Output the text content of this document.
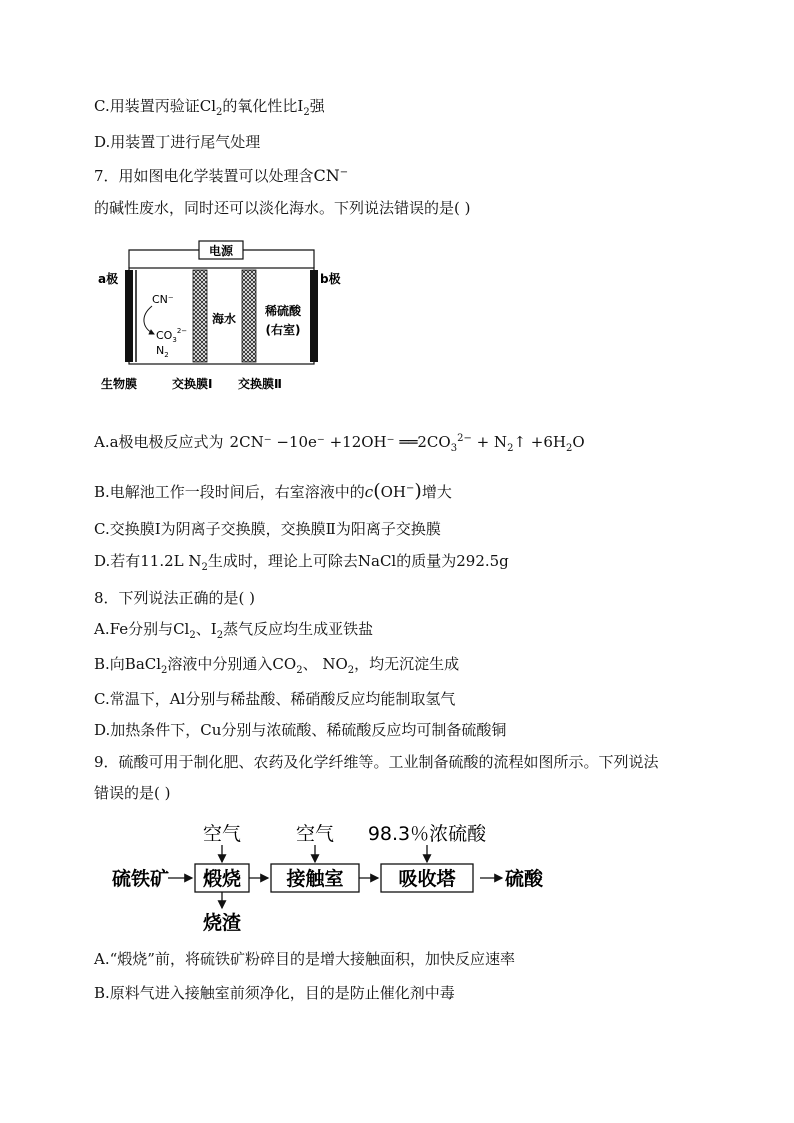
C.用装置丙验证$Cl_2$的氧化性比$I_2$强
D.用装置丁进行尾气处理
7．用如图电化学装置可以处理含CN−
的碱性废水，同时还可以淡化海水。下列说法错误的是( )
电源
a极	b极
CN⁻
$CO_3^{2-}$
$N_2$
海水
稀硫酸
(右室)
生物膜	交换膜Ⅰ 交换膜Ⅱ
A.a极电极反应式为 2CN⁻ −10e⁻ +12OH⁻ $══2CO_3^{2-}$ + $N_2↑ +6H_2O$
B.电解池工作一段时间后，右室溶液中的c(OH−)增大
C.交换膜Ⅰ为阴离子交换膜，交换膜Ⅱ为阳离子交换膜
D.若有11.2L $N_2$生成时，理论上可除去NaCl的质量为292.5g
8．下列说法正确的是( )
A.Fe分别与$Cl_2$、$I_2$蒸气反应均生成亚铁盐
B.向BaCl$_2$溶液中分别通入$CO_2$、 $NO_2$，均无沉淀生成
C.常温下，Al分别与稀盐酸、稀硝酸反应均能制取氢气
D.加热条件下，Cu分别与浓硫酸、稀硫酸反应均可制备硫酸铜
9．硫酸可用于制化肥、农药及化学纤维等。工业制备硫酸的流程如图所示。下列说法
错误的是( )
空气	空气 98.3％浓硫酸
硫铁矿 煅烧 接触室	吸收塔	硫酸
烧渣
A.“煅烧”前，将硫铁矿粉碎目的是增大接触面积，加快反应速率
B.原料气进入接触室前须净化，目的是防止催化剂中毒
